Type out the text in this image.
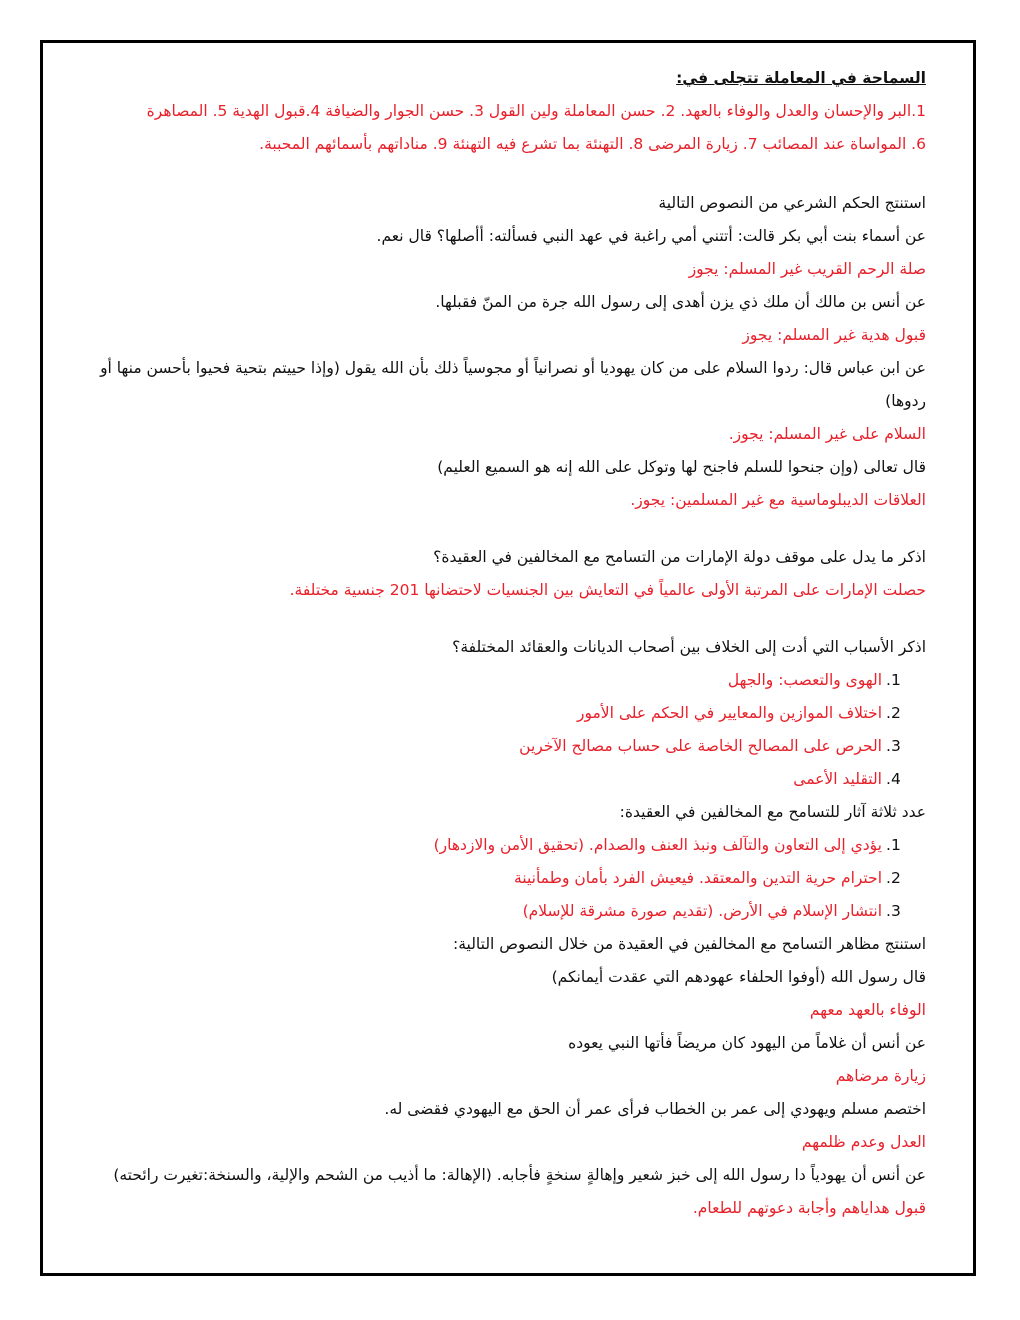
السماحة في المعاملة تتجلى في:
1.البر والإحسان والعدل والوفاء بالعهد. 2. حسن المعاملة ولين القول 3. حسن الجوار والضيافة 4.قبول الهدية 5. المصاهرة
6. المواساة عند المصائب 7. زيارة المرضى 8. التهنئة بما تشرع فيه التهنئة 9. مناداتهم بأسمائهم المحببة.
استنتج الحكم الشرعي من النصوص التالية
عن أسماء بنت أبي بكر قالت: أتتني أمي راغبة في عهد النبي فسألته: أأصلها؟ قال نعم.
صلة الرحم القريب غير المسلم: يجوز
عن أنس بن مالك أن ملك ذي يزن أهدى إلى رسول الله جرة من المنّ فقبلها.
قبول هدية غير المسلم: يجوز
عن ابن عباس قال: ردوا السلام على من كان يهوديا أو نصرانياً أو مجوسياً ذلك بأن الله يقول (وإذا حييتم بتحية فحيوا بأحسن منها أو ردوها)
السلام على غير المسلم: يجوز.
قال تعالى (وإن جنحوا للسلم فاجنح لها وتوكل على الله إنه هو السميع العليم)
العلاقات الديبلوماسية مع غير المسلمين: يجوز.
اذكر ما يدل على موقف دولة الإمارات من التسامح مع المخالفين في العقيدة؟
حصلت الإمارات على المرتبة الأولى عالمياً في التعايش بين الجنسيات لاحتضانها 201 جنسية مختلفة.
اذكر الأسباب التي أدت إلى الخلاف بين أصحاب الديانات والعقائد المختلفة؟
1.
الهوى والتعصب: والجهل
2.
اختلاف الموازين والمعايير في الحكم على الأمور
3.
الحرص على المصالح الخاصة على حساب مصالح الآخرين
4.
التقليد الأعمى
عدد ثلاثة آثار للتسامح مع المخالفين في العقيدة:
1.
يؤدي إلى التعاون والتآلف ونبذ العنف والصدام. (تحقيق الأمن والازدهار)
2.
احترام حرية التدين والمعتقد. فيعيش الفرد بأمان وطمأنينة
3.
انتشار الإسلام في الأرض. (تقديم صورة مشرقة للإسلام)
استنتج مظاهر التسامح مع المخالفين في العقيدة من خلال النصوص التالية:
قال رسول الله (أوفوا الحلفاء عهودهم التي عقدت أيمانكم)
الوفاء بالعهد معهم
عن أنس أن غلاماً من اليهود كان مريضاً فأتها النبي يعوده
زيارة مرضاهم
اختصم مسلم ويهودي إلى عمر بن الخطاب فرأى عمر أن الحق مع اليهودي فقضى له.
العدل وعدم ظلمهم
عن أنس أن يهودياً دا رسول الله إلى خبز شعير وإهالةٍ سنخةٍ فأجابه. (الإهالة: ما أذيب من الشحم والإلية، والسنخة:تغيرت رائحته)
قبول هداياهم وأجابة دعوتهم للطعام.
